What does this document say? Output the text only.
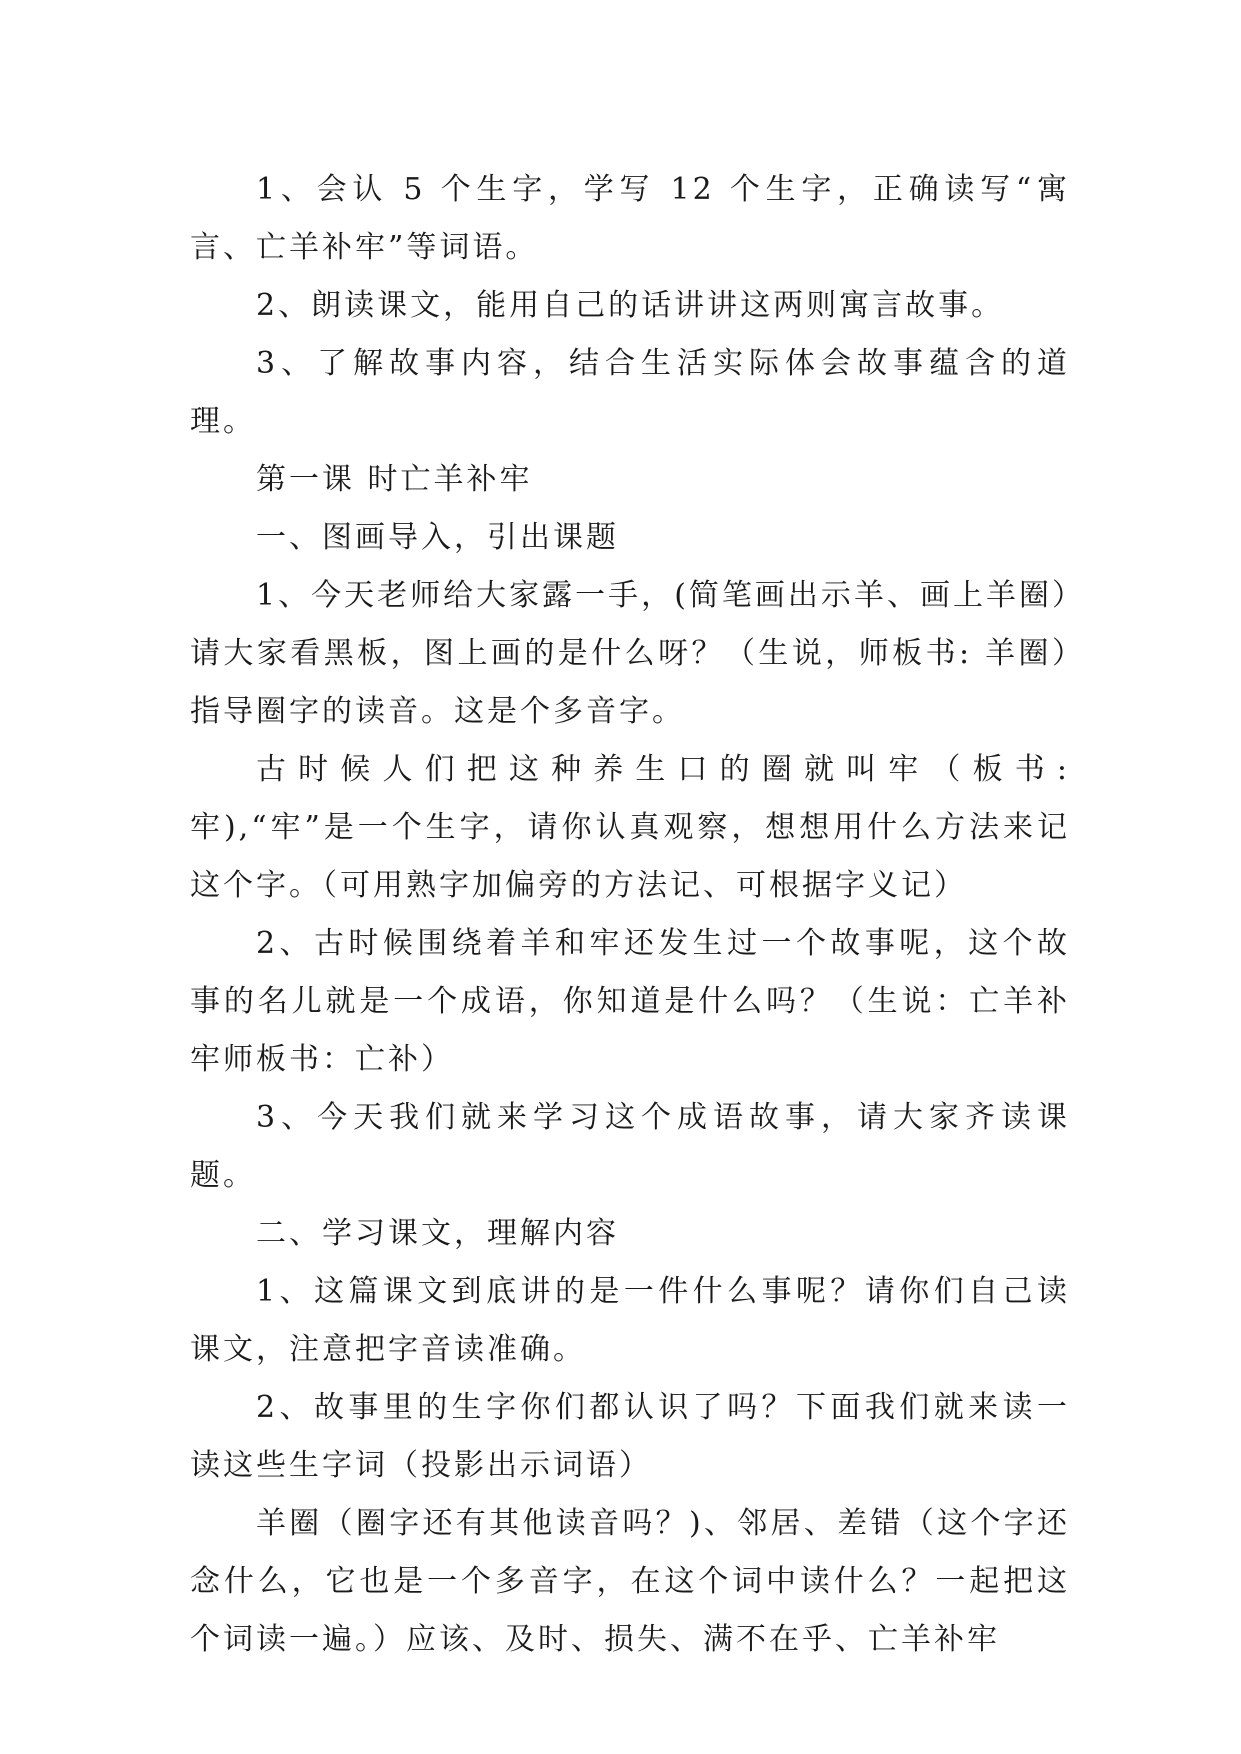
1、会认 5 个生字，学写 12 个生字，正确读写“寓言、亡羊补牢”等词语。

2、朗读课文，能用自己的话讲讲这两则寓言故事。

3、了解故事内容，结合生活实际体会故事蕴含的道理。

第一课 时亡羊补牢

一、图画导入，引出课题

1、今天老师给大家露一手，(简笔画出示羊、画上羊圈）请大家看黑板，图上画的是什么呀？（生说，师板书: 羊圈）指导圈字的读音。这是个多音字。

古时候人们把这种养生口的圈就叫牢（板书: 牢),“牢”是一个生字，请你认真观察，想想用什么方法来记这个字。（可用熟字加偏旁的方法记、可根据字义记）

2、古时候围绕着羊和牢还发生过一个故事呢，这个故事的名儿就是一个成语，你知道是什么吗？（生说：亡羊补牢师板书：亡补）

3、今天我们就来学习这个成语故事，请大家齐读课题。

二、学习课文，理解内容

1、这篇课文到底讲的是一件什么事呢？请你们自己读课文，注意把字音读准确。

2、故事里的生字你们都认识了吗？下面我们就来读一读这些生字词（投影出示词语）

羊圈（圈字还有其他读音吗？)、邻居、差错（这个字还念什么，它也是一个多音字，在这个词中读什么？一起把这个词读一遍。）应该、及时、损失、满不在乎、亡羊补牢
